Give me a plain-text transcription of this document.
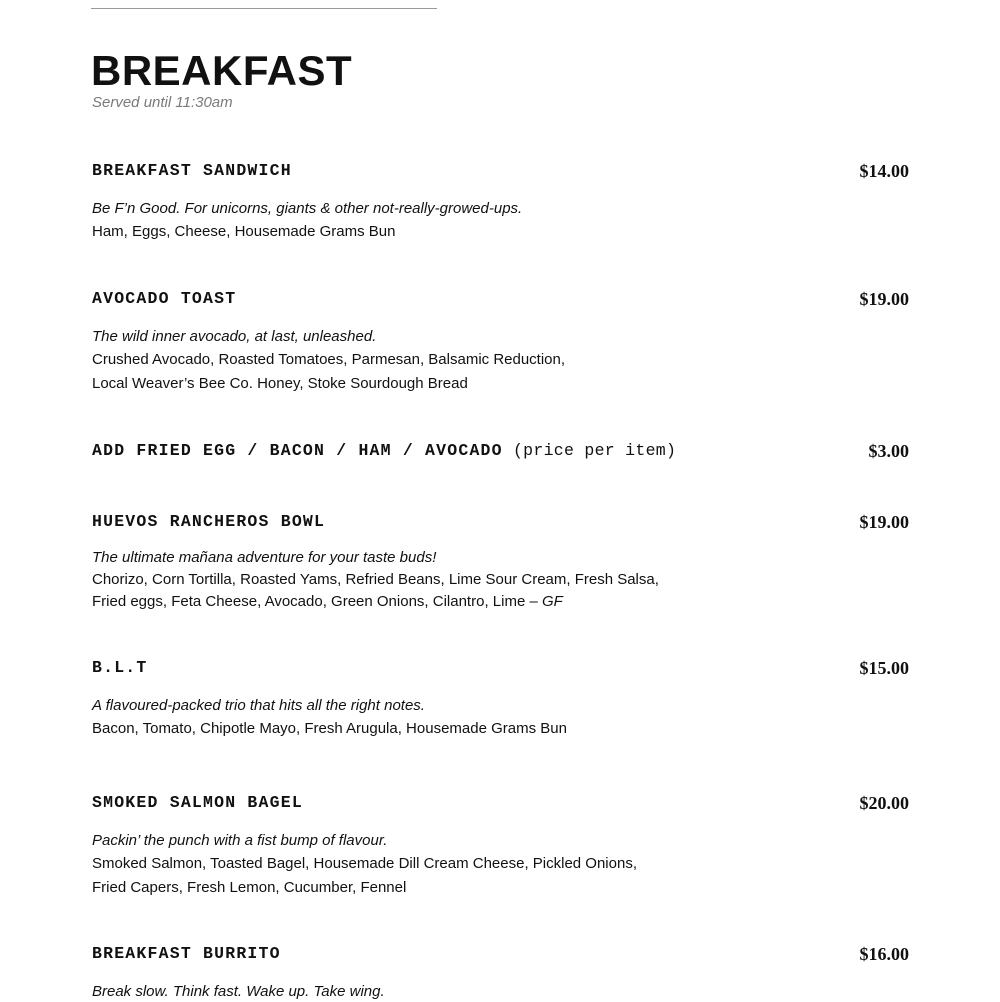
BREAKFAST
Served until 11:30am
BREAKFAST SANDWICH	$14.00
Be F’n Good. For unicorns, giants & other not-really-growed-ups.
Ham, Eggs, Cheese, Housemade Grams Bun
AVOCADO TOAST	$19.00
The wild inner avocado, at last, unleashed.
Crushed Avocado, Roasted Tomatoes, Parmesan, Balsamic Reduction,
Local Weaver’s Bee Co. Honey, Stoke Sourdough Bread
ADD FRIED EGG / BACON / HAM / AVOCADO (price per item)	$3.00
HUEVOS RANCHEROS BOWL	$19.00
The ultimate mañana adventure for your taste buds!
Chorizo, Corn Tortilla, Roasted Yams, Refried Beans, Lime Sour Cream, Fresh Salsa,
Fried eggs, Feta Cheese, Avocado, Green Onions, Cilantro, Lime – GF
B.L.T	$15.00
A flavoured-packed trio that hits all the right notes.
Bacon, Tomato, Chipotle Mayo, Fresh Arugula, Housemade Grams Bun
SMOKED SALMON BAGEL	$20.00
Packin’ the punch with a fist bump of flavour.
Smoked Salmon, Toasted Bagel, Housemade Dill Cream Cheese, Pickled Onions,
Fried Capers, Fresh Lemon, Cucumber, Fennel
BREAKFAST BURRITO	$16.00
Break slow. Think fast. Wake up. Take wing.
